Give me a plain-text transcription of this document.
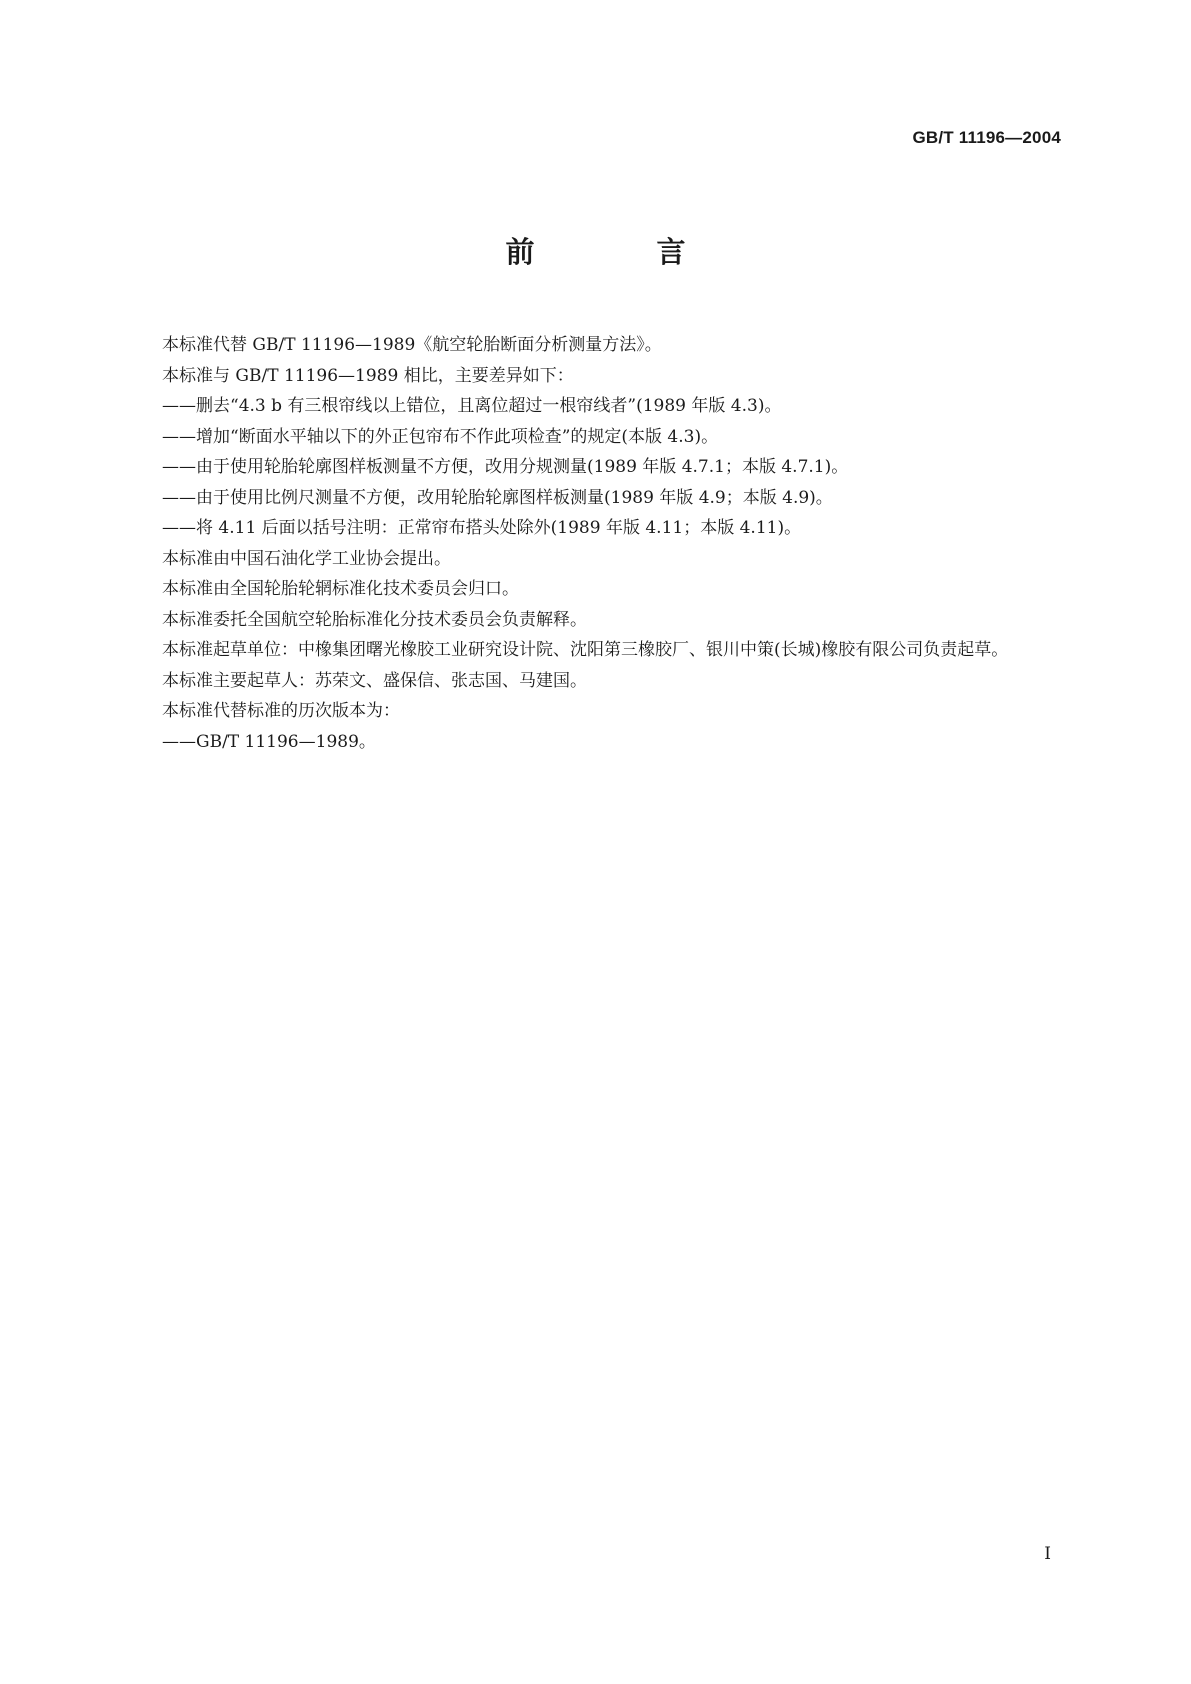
GB/T 11196—2004
前 言

本标准代替 GB/T 11196—1989《航空轮胎断面分析测量方法》。

本标准与 GB/T 11196—1989 相比，主要差异如下：

——删去“4.3 b 有三根帘线以上错位，且离位超过一根帘线者”(1989 年版 4.3)。

——增加“断面水平轴以下的外正包帘布不作此项检查”的规定(本版 4.3)。

——由于使用轮胎轮廓图样板测量不方便，改用分规测量(1989 年版 4.7.1；本版 4.7.1)。

——由于使用比例尺测量不方便，改用轮胎轮廓图样板测量(1989 年版 4.9；本版 4.9)。

——将 4.11 后面以括号注明：正常帘布搭头处除外(1989 年版 4.11；本版 4.11)。

本标准由中国石油化学工业协会提出。

本标准由全国轮胎轮辋标准化技术委员会归口。

本标准委托全国航空轮胎标准化分技术委员会负责解释。

本标准起草单位：中橡集团曙光橡胶工业研究设计院、沈阳第三橡胶厂、银川中策(长城)橡胶有限公司负责起草。

本标准主要起草人：苏荣文、盛保信、张志国、马建国。

本标准代替标准的历次版本为：

——GB/T 11196—1989。

I
